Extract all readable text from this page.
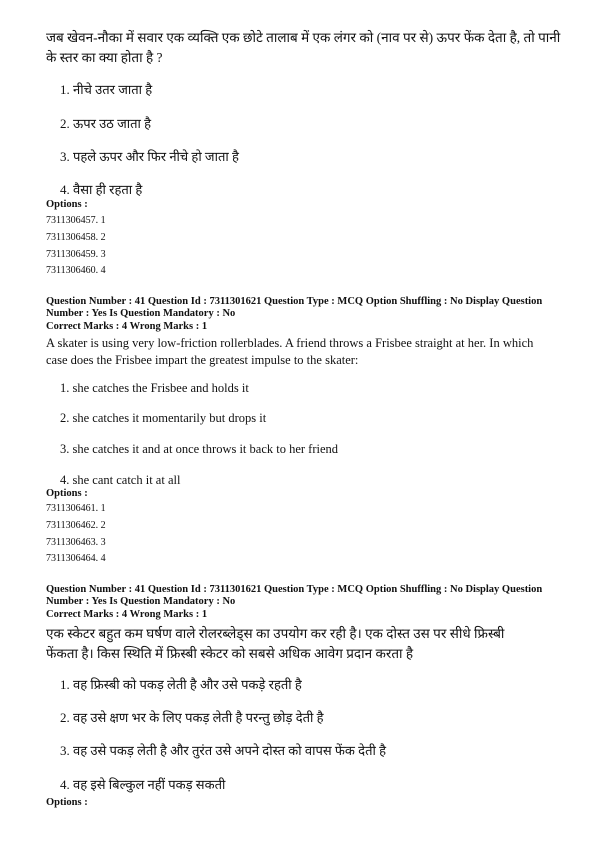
जब खेवन-नौका में सवार एक व्यक्ति एक छोटे तालाब में एक लंगर को (नाव पर से) ऊपर फेंक देता है, तो पानी के स्तर का क्या होता है ?
1. नीचे उतर जाता है
2. ऊपर उठ जाता है
3. पहले ऊपर और फिर नीचे हो जाता है
4. वैसा ही रहता है
Options :
7311306457. 1
7311306458. 2
7311306459. 3
7311306460. 4
Question Number : 41 Question Id : 7311301621 Question Type : MCQ Option Shuffling : No Display Question
Number : Yes Is Question Mandatory : No
Correct Marks : 4 Wrong Marks : 1
A skater is using very low-friction rollerblades. A friend throws a Frisbee straight at her. In which
case does the Frisbee impart the greatest impulse to the skater:
1. she catches the Frisbee and holds it
2. she catches it momentarily but drops it
3. she catches it and at once throws it back to her friend
4. she cant catch it at all
Options :
7311306461. 1
7311306462. 2
7311306463. 3
7311306464. 4
Question Number : 41 Question Id : 7311301621 Question Type : MCQ Option Shuffling : No Display Question
Number : Yes Is Question Mandatory : No
Correct Marks : 4 Wrong Marks : 1
एक स्केटर बहुत कम घर्षण वाले रोलरब्लेड्स का उपयोग कर रही है। एक दोस्त उस पर सीधे फ्रिस्बी
फेंकता है। किस स्थिति में फ्रिस्बी स्केटर को सबसे अधिक आवेग प्रदान करता है
1. वह फ्रिस्बी को पकड़ लेती है और उसे पकड़े रहती है
2. वह उसे क्षण भर के लिए पकड़ लेती है परन्तु छोड़ देती है
3. वह उसे पकड़ लेती है और तुरंत उसे अपने दोस्त को वापस फेंक देती है
4. वह इसे बिल्कुल नहीं पकड़ सकती
Options :
